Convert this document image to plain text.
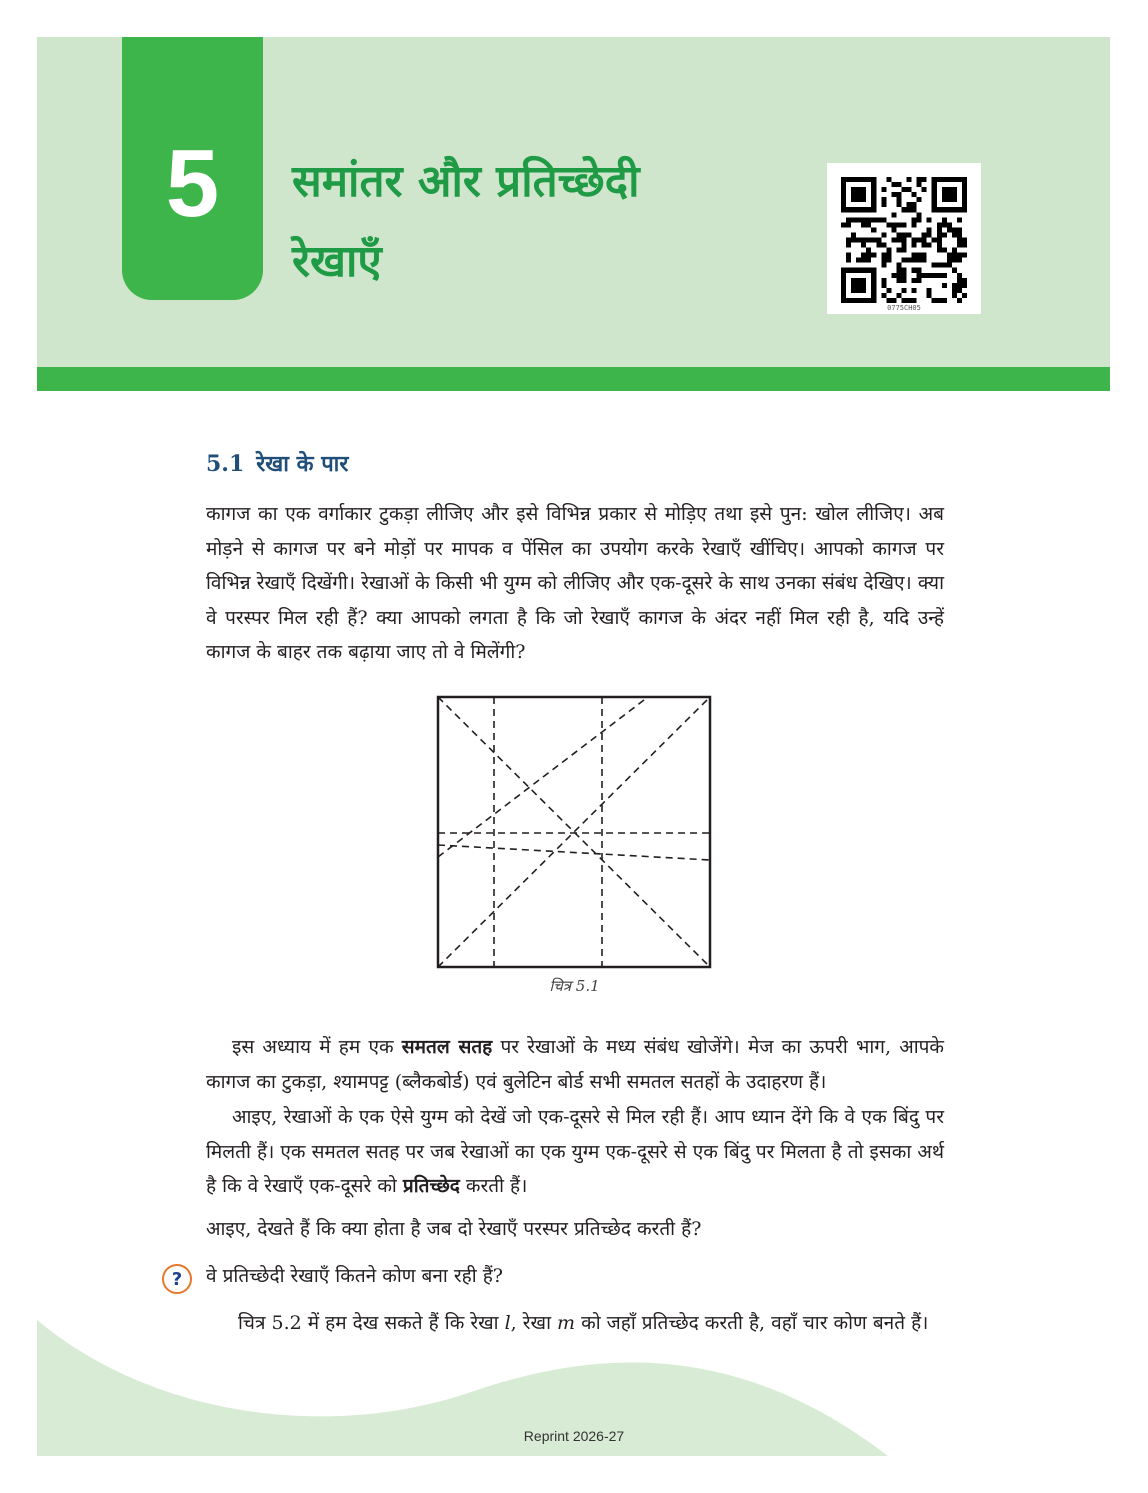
5 समांतर और प्रतिच्छेदी
रेखाएँ
0775CH05
5.1 रेखा के पार

कागज का एक वर्गाकार टुकड़ा लीजिए और इसे विभिन्न प्रकार से मोड़िए तथा इसे पुन: खोल लीजिए। अब मोड़ने से कागज पर बने मोड़ों पर मापक व पेंसिल का उपयोग करके रेखाएँ खींचिए। आपको कागज पर विभिन्न रेखाएँ दिखेंगी। रेखाओं के किसी भी युग्म को लीजिए और एक-दूसरे के साथ उनका संबंध देखिए। क्या वे परस्पर मिल रही हैं? क्या आपको लगता है कि जो रेखाएँ कागज के अंदर नहीं मिल रही है, यदि उन्हें कागज के बाहर तक बढ़ाया जाए तो वे मिलेंगी?

चित्र 5.1

इस अध्याय में हम एक समतल सतह पर रेखाओं के मध्य संबंध खोजेंगे। मेज का ऊपरी भाग, आपके कागज का टुकड़ा, श्यामपट्ट (ब्लैकबोर्ड) एवं बुलेटिन बोर्ड सभी समतल सतहों के उदाहरण हैं।

आइए, रेखाओं के एक ऐसे युग्म को देखें जो एक-दूसरे से मिल रही हैं। आप ध्यान देंगे कि वे एक बिंदु पर मिलती हैं। एक समतल सतह पर जब रेखाओं का एक युग्म एक-दूसरे से एक बिंदु पर मिलता है तो इसका अर्थ है कि वे रेखाएँ एक-दूसरे को प्रतिच्छेद करती हैं।

आइए, देखते हैं कि क्या होता है जब दो रेखाएँ परस्पर प्रतिच्छेद करती हैं?

?	वे प्रतिच्छेदी रेखाएँ कितने कोण बना रही हैं?
चित्र 5.2 में हम देख सकते हैं कि रेखा l, रेखा m को जहाँ प्रतिच्छेद करती है, वहाँ चार कोण बनते हैं।
Reprint 2026-27
